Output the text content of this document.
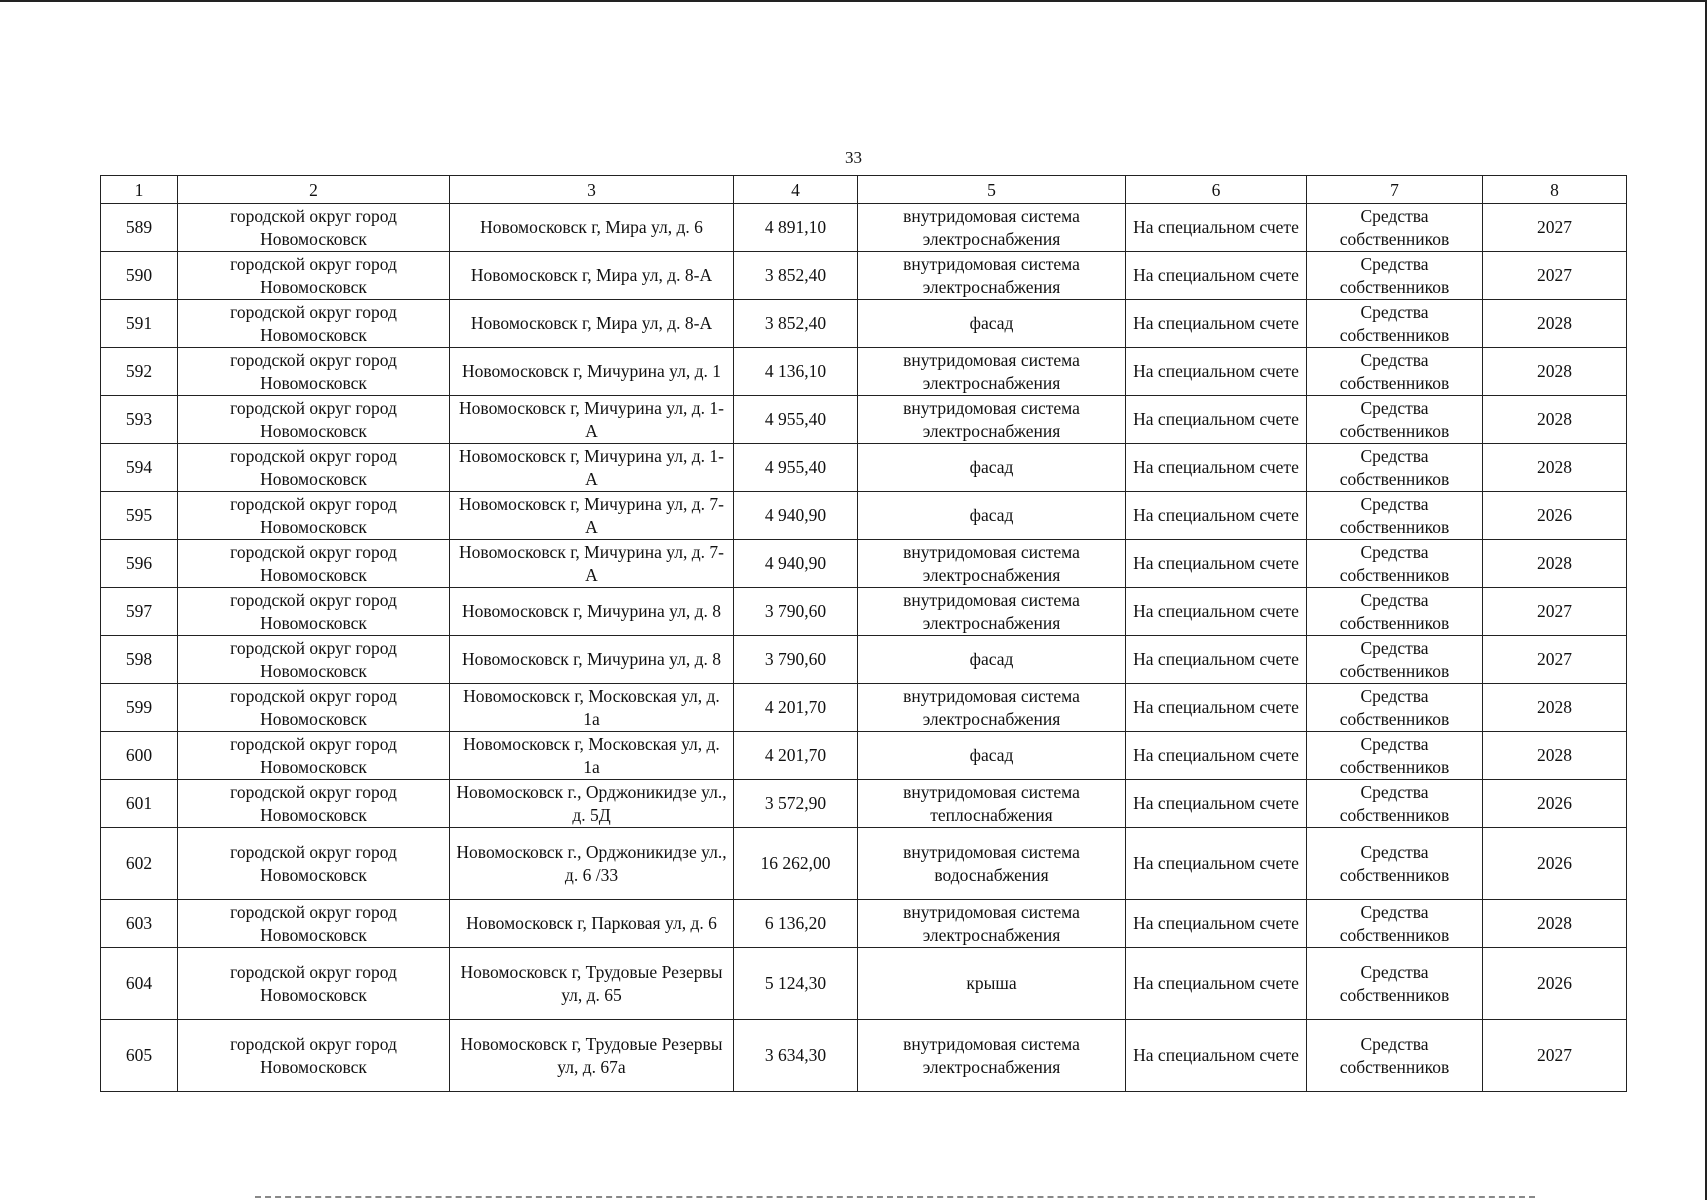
33
1	2	3	4	5	6	7	8
589	городской округ город Новомосковск	Новомосковск г, Мира ул, д. 6	4 891,10	внутридомовая система электроснабжения	На специальном счете	Средства собственников	2027
590	городской округ город Новомосковск	Новомосковск г, Мира ул, д. 8-А	3 852,40	внутридомовая система электроснабжения	На специальном счете	Средства собственников	2027
591	городской округ город Новомосковск	Новомосковск г, Мира ул, д. 8-А	3 852,40	фасад	На специальном счете	Средства собственников	2028
592	городской округ город Новомосковск	Новомосковск г, Мичурина ул, д. 1	4 136,10	внутридомовая система электроснабжения	На специальном счете	Средства собственников	2028
593	городской округ город Новомосковск	Новомосковск г, Мичурина ул, д. 1-А	4 955,40	внутридомовая система электроснабжения	На специальном счете	Средства собственников	2028
594	городской округ город Новомосковск	Новомосковск г, Мичурина ул, д. 1-А	4 955,40	фасад	На специальном счете	Средства собственников	2028
595	городской округ город Новомосковск	Новомосковск г, Мичурина ул, д. 7-А	4 940,90	фасад	На специальном счете	Средства собственников	2026
596	городской округ город Новомосковск	Новомосковск г, Мичурина ул, д. 7-А	4 940,90	внутридомовая система электроснабжения	На специальном счете	Средства собственников	2028
597	городской округ город Новомосковск	Новомосковск г, Мичурина ул, д. 8	3 790,60	внутридомовая система электроснабжения	На специальном счете	Средства собственников	2027
598	городской округ город Новомосковск	Новомосковск г, Мичурина ул, д. 8	3 790,60	фасад	На специальном счете	Средства собственников	2027
599	городской округ город Новомосковск	Новомосковск г, Московская ул, д. 1а	4 201,70	внутридомовая система электроснабжения	На специальном счете	Средства собственников	2028
600	городской округ город Новомосковск	Новомосковск г, Московская ул, д. 1а	4 201,70	фасад	На специальном счете	Средства собственников	2028
601	городской округ город Новомосковск	Новомосковск г., Орджоникидзе ул., д. 5Д	3 572,90	внутридомовая система теплоснабжения	На специальном счете	Средства собственников	2026
602	городской округ город Новомосковск	Новомосковск г., Орджоникидзе ул., д. 6 /33	16 262,00	внутридомовая система водоснабжения	На специальном счете	Средства собственников	2026
603	городской округ город Новомосковск	Новомосковск г, Парковая ул, д. 6	6 136,20	внутридомовая система электроснабжения	На специальном счете	Средства собственников	2028
604	городской округ город Новомосковск	Новомосковск г, Трудовые Резервы ул, д. 65	5 124,30	крыша	На специальном счете	Средства собственников	2026
605	городской округ город Новомосковск	Новомосковск г, Трудовые Резервы ул, д. 67а	3 634,30	внутридомовая система электроснабжения	На специальном счете	Средства собственников	2027
